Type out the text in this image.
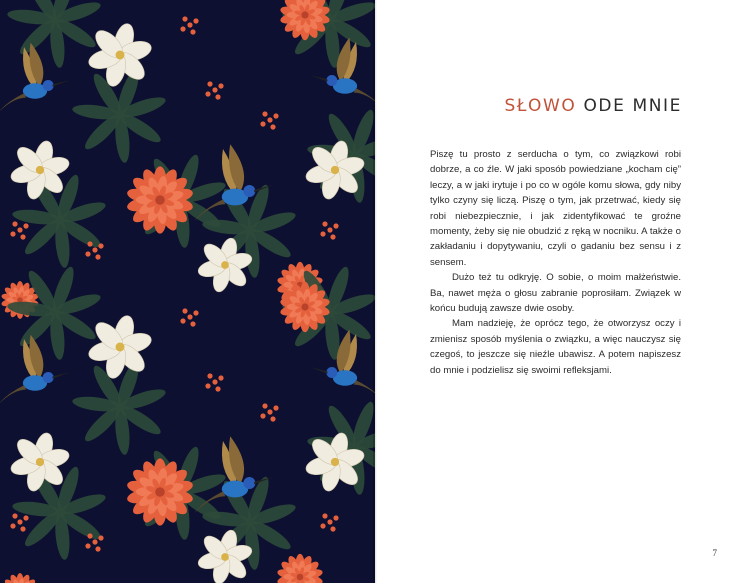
SŁOWO ODE MNIE

Piszę tu prosto z serducha o tym, co związkowi robi dobrze, a co źle. W jaki sposób powiedziane „kocham cię” leczy, a w jaki irytuje i po co w ogóle komu słowa, gdy niby tylko czyny się liczą. Piszę o tym, jak przetrwać, kiedy się robi niebezpiecznie, i jak zidentyfikować te groźne momenty, żeby się nie obudzić z ręką w nocniku. A także o zakładaniu i dopytywaniu, czyli o gadaniu bez sensu i z sensem.

Dużo też tu odkryję. O sobie, o moim małżeństwie. Ba, nawet męża o głosu zabranie poprosiłam. Związek w końcu budują zawsze dwie osoby.

Mam nadzieję, że oprócz tego, że otworzysz oczy i zmienisz sposób myślenia o związku, a więc nauczysz się czegoś, to jeszcze się nieźle ubawisz. A potem napiszesz do mnie i podzielisz się swoimi refleksjami.

7
